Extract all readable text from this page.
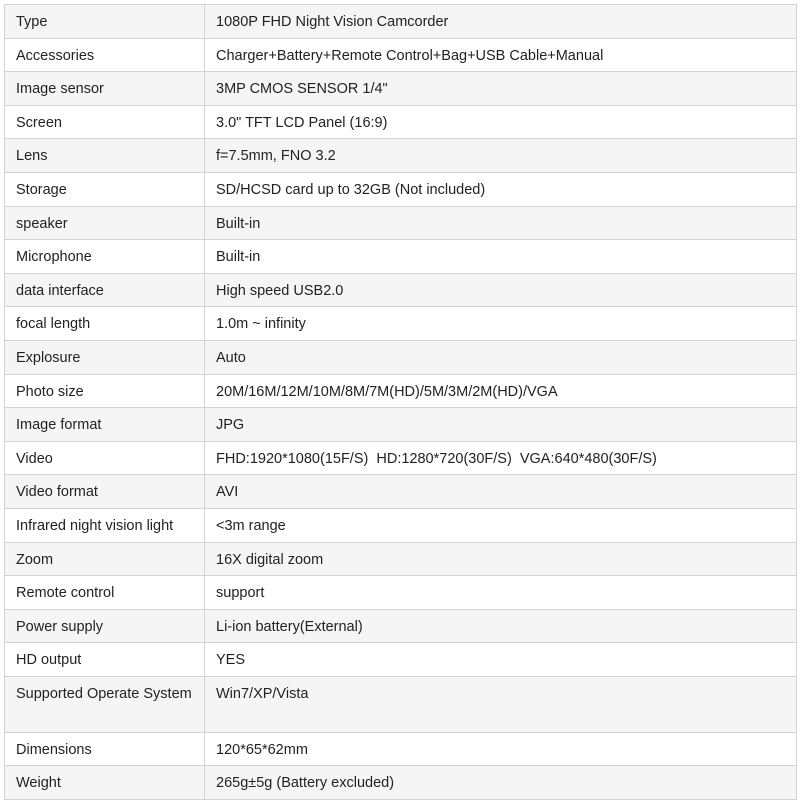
Type	1080P FHD Night Vision Camcorder
Accessories	Charger+Battery+Remote Control+Bag+USB Cable+Manual
Image sensor	3MP CMOS SENSOR 1/4"
Screen	3.0" TFT LCD Panel (16:9)
Lens	f=7.5mm, FNO 3.2
Storage	SD/HCSD card up to 32GB (Not included)
speaker	Built-in
Microphone	Built-in
data interface	High speed USB2.0
focal length	1.0m ~ infinity
Explosure	Auto
Photo size	20M/16M/12M/10M/8M/7M(HD)/5M/3M/2M(HD)/VGA
Image format	JPG
Video	FHD:1920*1080(15F/S)  HD:1280*720(30F/S)  VGA:640*480(30F/S)
Video format	AVI
Infrared night vision light	<3m range
Zoom	16X digital zoom
Remote control	support
Power supply	Li-ion battery(External)
HD output	YES
Supported Operate System	Win7/XP/Vista
Dimensions	120*65*62mm
Weight	265g±5g (Battery excluded)
